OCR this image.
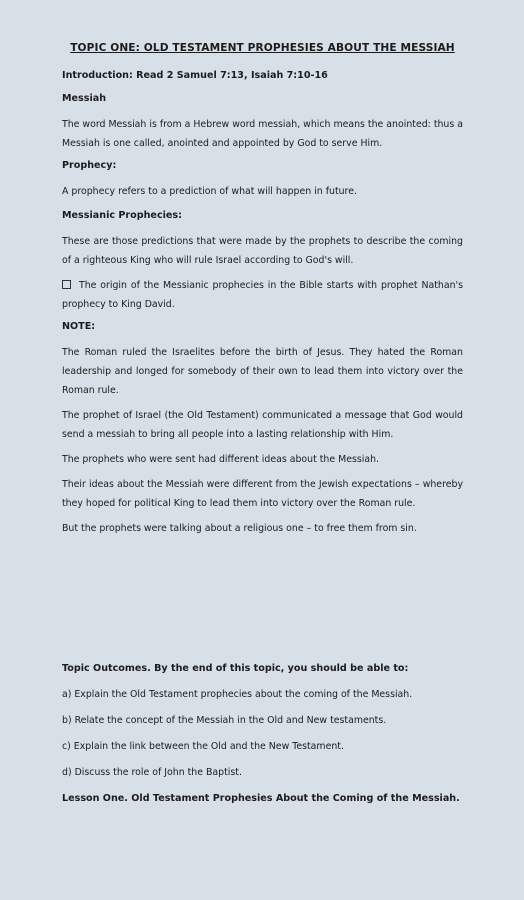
TOPIC ONE: OLD TESTAMENT PROPHESIES ABOUT THE MESSIAH
Introduction: Read 2 Samuel 7:13, Isaiah 7:10-16
Messiah
The word Messiah is from a Hebrew word messiah, which means the anointed: thus a Messiah is one called, anointed and appointed by God to serve Him.
Prophecy:
A prophecy refers to a prediction of what will happen in future.
Messianic Prophecies:
These are those predictions that were made by the prophets to describe the coming of a righteous King who will rule Israel according to God's will.
The origin of the Messianic prophecies in the Bible starts with prophet Nathan's prophecy to King David.
NOTE:
The Roman ruled the Israelites before the birth of Jesus. They hated the Roman leadership and longed for somebody of their own to lead them into victory over the Roman rule.
The prophet of Israel (the Old Testament) communicated a message that God would send a messiah to bring all people into a lasting relationship with Him.
The prophets who were sent had different ideas about the Messiah.
Their ideas about the Messiah were different from the Jewish expectations – whereby they hoped for political King to lead them into victory over the Roman rule.
But the prophets were talking about a religious one – to free them from sin.
Topic Outcomes. By the end of this topic, you should be able to:
a) Explain the Old Testament prophecies about the coming of the Messiah.
b) Relate the concept of the Messiah in the Old and New testaments.
c) Explain the link between the Old and the New Testament.
d) Discuss the role of John the Baptist.
Lesson One. Old Testament Prophesies About the Coming of the Messiah.
